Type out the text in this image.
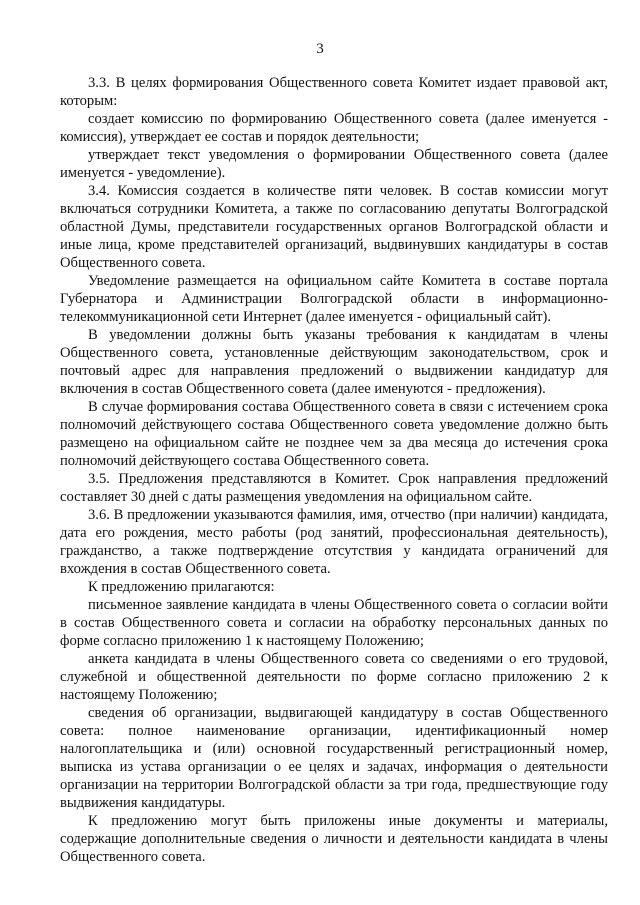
3

3.3. В целях формирования Общественного совета Комитет издает правовой акт, которым:

создает комиссию по формированию Общественного совета (далее именуется - комиссия), утверждает ее состав и порядок деятельности;

утверждает текст уведомления о формировании Общественного совета (далее именуется - уведомление).

3.4. Комиссия создается в количестве пяти человек. В состав комиссии могут включаться сотрудники Комитета, а также по согласованию депутаты Волгоградской областной Думы, представители государственных органов Волгоградской области и иные лица, кроме представителей организаций, выдвинувших кандидатуры в состав Общественного совета.

Уведомление размещается на официальном сайте Комитета в составе портала Губернатора и Администрации Волгоградской области в информационно-телекоммуникационной сети Интернет (далее именуется - официальный сайт).

В уведомлении должны быть указаны требования к кандидатам в члены Общественного совета, установленные действующим законодательством, срок и почтовый адрес для направления предложений о выдвижении кандидатур для включения в состав Общественного совета (далее именуются - предложения).

В случае формирования состава Общественного совета в связи с истечением срока полномочий действующего состава Общественного совета уведомление должно быть размещено на официальном сайте не позднее чем за два месяца до истечения срока полномочий действующего состава Общественного совета.

3.5. Предложения представляются в Комитет. Срок направления предложений составляет 30 дней с даты размещения уведомления на официальном сайте.

3.6. В предложении указываются фамилия, имя, отчество (при наличии) кандидата, дата его рождения, место работы (род занятий, профессиональная деятельность), гражданство, а также подтверждение отсутствия у кандидата ограничений для вхождения в состав Общественного совета.

К предложению прилагаются:

письменное заявление кандидата в члены Общественного совета о согласии войти в состав Общественного совета и согласии на обработку персональных данных по форме согласно приложению 1 к настоящему Положению;

анкета кандидата в члены Общественного совета со сведениями о его трудовой, служебной и общественной деятельности по форме согласно приложению 2 к настоящему Положению;

сведения об организации, выдвигающей кандидатуру в состав Общественного совета: полное наименование организации, идентификационный номер налогоплательщика и (или) основной государственный регистрационный номер, выписка из устава организации о ее целях и задачах, информация о деятельности организации на территории Волгоградской области за три года, предшествующие году выдвижения кандидатуры.

К предложению могут быть приложены иные документы и материалы, содержащие дополнительные сведения о личности и деятельности кандидата в члены Общественного совета.
